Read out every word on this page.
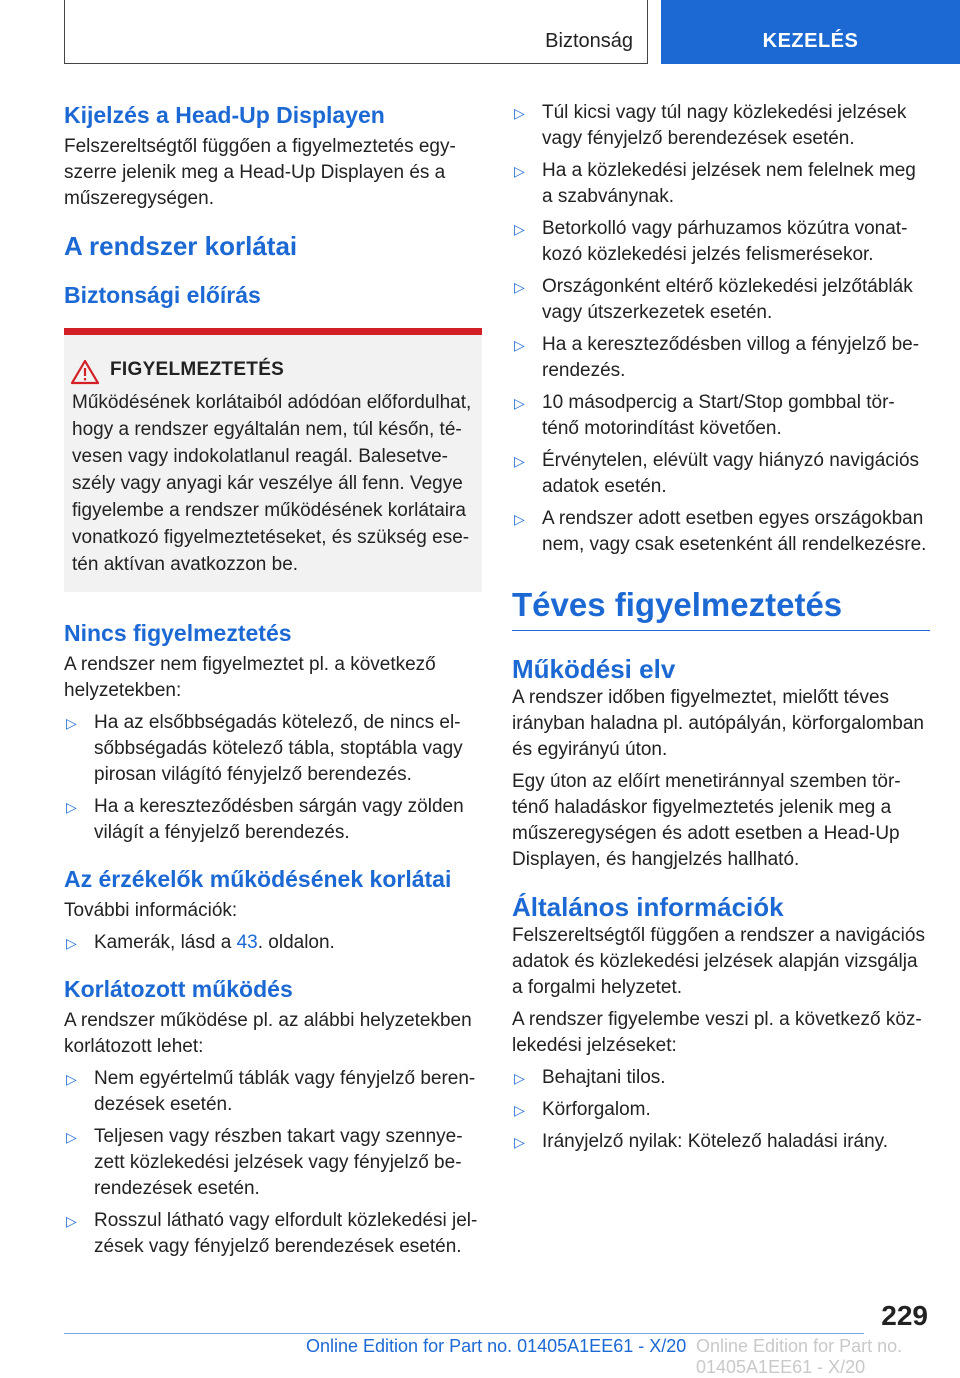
Biztonság	KEZELÉS
Kijelzés a Head-Up Displayen

Felszereltségtől függően a figyelmeztetés egy-szerre jelenik meg a Head-Up Displayen és a műszeregységen.

A rendszer korlátai
Biztonsági előírás
FIGYELMEZTETÉS
Működésének korlátaiból adódóan előfordulhat, hogy a rendszer egyáltalán nem, túl későn, té-vesen vagy indokolatlanul reagál. Balesetve-szély vagy anyagi kár veszélye áll fenn. Vegye figyelembe a rendszer működésének korlátaira vonatkozó figyelmeztetéseket, és szükség ese-tén aktívan avatkozzon be.
Nincs figyelmeztetés

A rendszer nem figyelmeztet pl. a következő helyzetekben:

▷ Ha az elsőbbségadás kötelező, de nincs el-sőbbségadás kötelező tábla, stoptábla vagy pirosan világító fényjelző berendezés.
▷ Ha a kereszteződésben sárgán vagy zölden világít a fényjelző berendezés.
Az érzékelők működésének korlátai

További információk:

▷ Kamerák, lásd a 43. oldalon.
Korlátozott működés

A rendszer működése pl. az alábbi helyzetekben korlátozott lehet:

▷ Nem egyértelmű táblák vagy fényjelző beren-dezések esetén.
▷ Teljesen vagy részben takart vagy szennye-zett közlekedési jelzések vagy fényjelző be-rendezések esetén.
▷ Rosszul látható vagy elfordult közlekedési jel-zések vagy fényjelző berendezések esetén.
▷ Túl kicsi vagy túl nagy közlekedési jelzések vagy fényjelző berendezések esetén.
▷ Ha a közlekedési jelzések nem felelnek meg a szabványnak.
▷ Betorkolló vagy párhuzamos közútra vonat-kozó közlekedési jelzés felismerésekor.
▷ Országonként eltérő közlekedési jelzőtáblák vagy útszerkezetek esetén.
▷ Ha a kereszteződésben villog a fényjelző be-rendezés.
▷ 10 másodpercig a Start/Stop gombbal tör-ténő motorindítást követően.
▷ Érvénytelen, elévült vagy hiányzó navigációs adatok esetén.
▷ A rendszer adott esetben egyes országokban nem, vagy csak esetenként áll rendelkezésre.
Téves figyelmeztetés
Működési elv

A rendszer időben figyelmeztet, mielőtt téves irányban haladna pl. autópályán, körforgalomban és egyirányú úton.

Egy úton az előírt menetiránnyal szemben tör-ténő haladáskor figyelmeztetés jelenik meg a műszeregységen és adott esetben a Head-Up Displayen, és hangjelzés hallható.

Általános információk

Felszereltségtől függően a rendszer a navigációs adatok és közlekedési jelzések alapján vizsgálja a forgalmi helyzetet.

A rendszer figyelembe veszi pl. a következő köz-lekedési jelzéseket:

▷ Behajtani tilos.
▷ Körforgalom.
▷ Irányjelző nyilak: Kötelező haladási irány.
229
Online Edition for Part no. 01405A1EE61 - X/20 Online Edition for Part no. 01405A1EE61 - X/20
